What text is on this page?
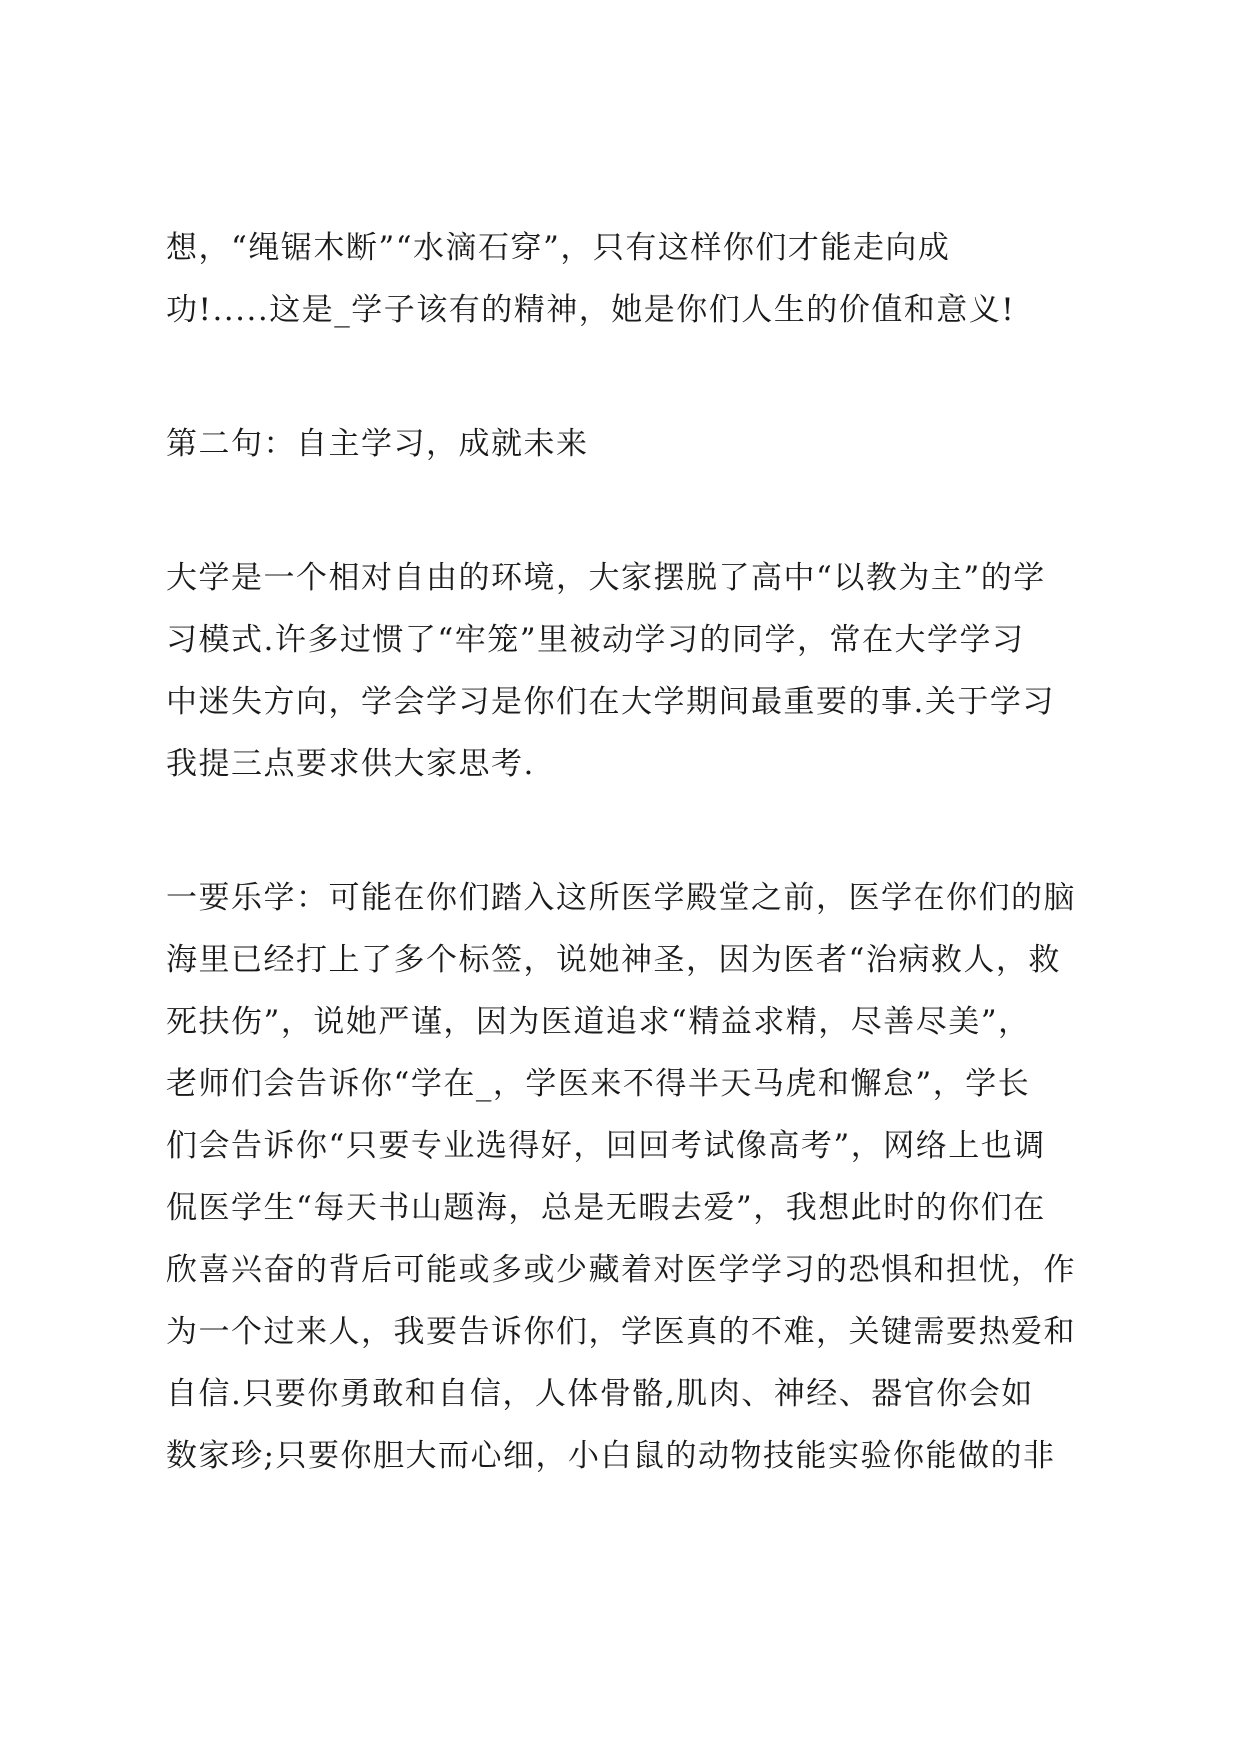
想，“绳锯木断”“水滴石穿”，只有这样你们才能走向成
功!.....这是_学子该有的精神，她是你们人生的价值和意义!
第二句：自主学习，成就未来
大学是一个相对自由的环境，大家摆脱了高中“以教为主”的学
习模式.许多过惯了“牢笼”里被动学习的同学，常在大学学习
中迷失方向，学会学习是你们在大学期间最重要的事.关于学习
我提三点要求供大家思考.
一要乐学：可能在你们踏入这所医学殿堂之前，医学在你们的脑
海里已经打上了多个标签，说她神圣，因为医者“治病救人，救
死扶伤”，说她严谨，因为医道追求“精益求精，尽善尽美”，
老师们会告诉你“学在_，学医来不得半天马虎和懈怠”，学长
们会告诉你“只要专业选得好，回回考试像高考”，网络上也调
侃医学生“每天书山题海，总是无暇去爱”，我想此时的你们在
欣喜兴奋的背后可能或多或少藏着对医学学习的恐惧和担忧，作
为一个过来人，我要告诉你们，学医真的不难，关键需要热爱和
自信.只要你勇敢和自信，人体骨骼,肌肉、神经、器官你会如
数家珍;只要你胆大而心细，小白鼠的动物技能实验你能做的非
